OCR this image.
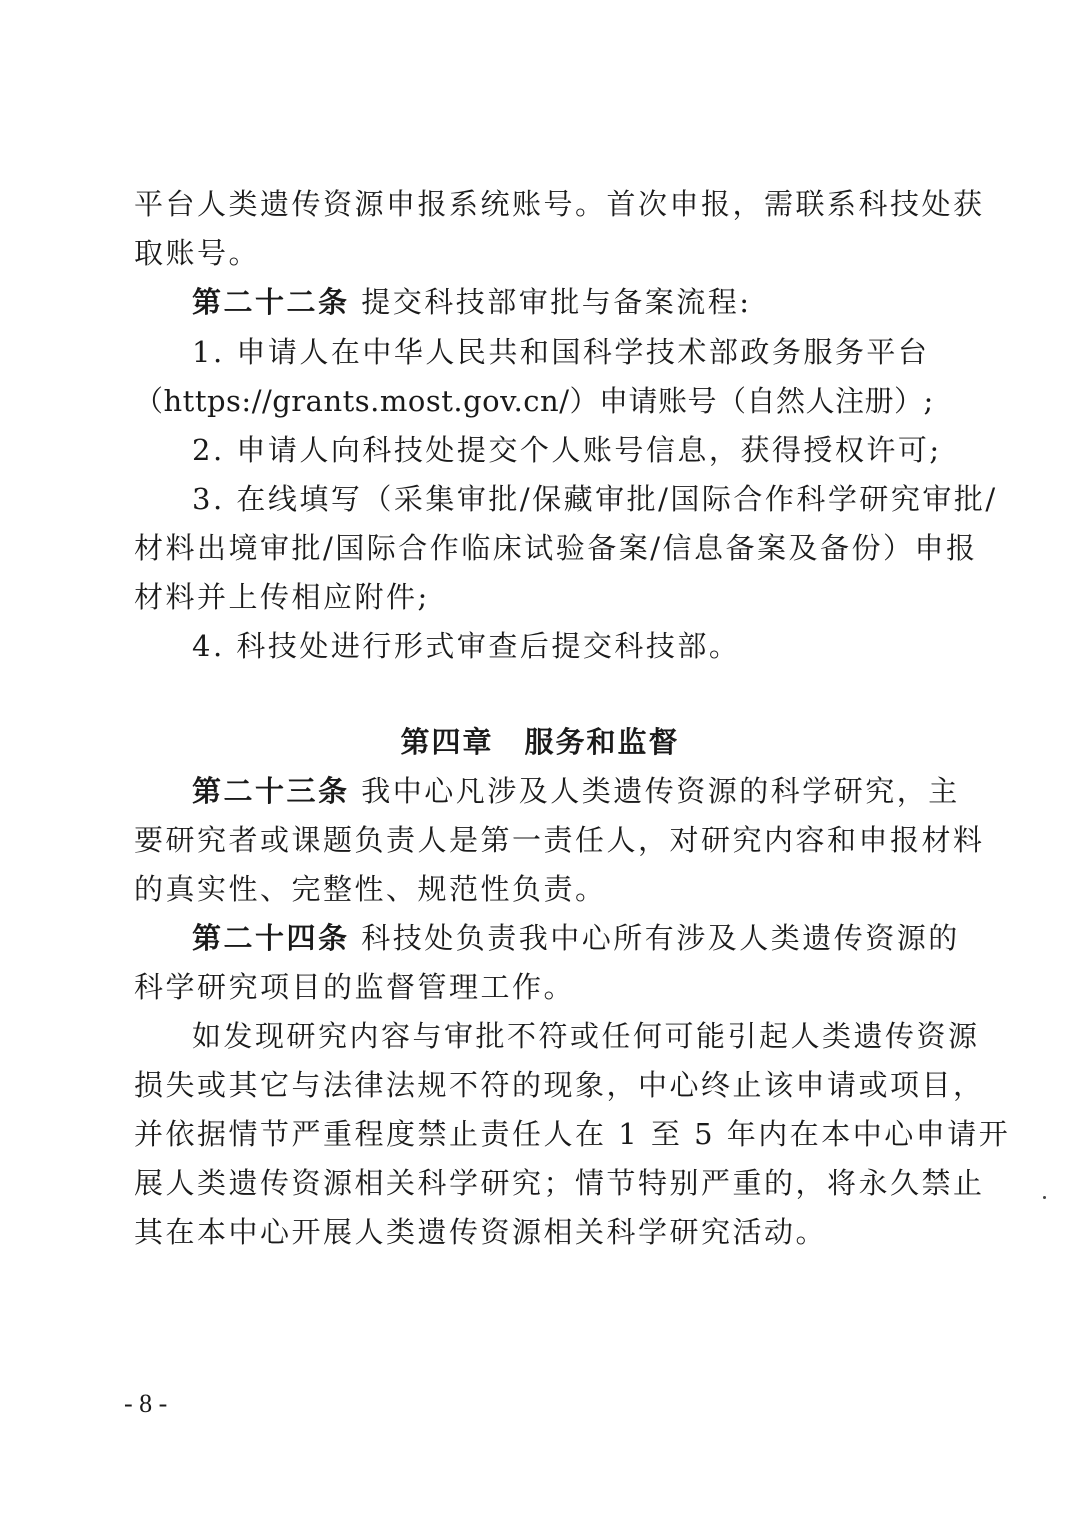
平台人类遗传资源申报系统账号。首次申报，需联系科技处获
取账号。
第二十二条 提交科技部审批与备案流程:
1. 申请人在中华人民共和国科学技术部政务服务平台
（https://grants.most.gov.cn/）申请账号（自然人注册）;
2. 申请人向科技处提交个人账号信息，获得授权许可;
3. 在线填写（采集审批/保藏审批/国际合作科学研究审批/
材料出境审批/国际合作临床试验备案/信息备案及备份）申报
材料并上传相应附件;
4. 科技处进行形式审查后提交科技部。
第四章　服务和监督
第二十三条 我中心凡涉及人类遗传资源的科学研究，主
要研究者或课题负责人是第一责任人，对研究内容和申报材料
的真实性、完整性、规范性负责。
第二十四条 科技处负责我中心所有涉及人类遗传资源的
科学研究项目的监督管理工作。
如发现研究内容与审批不符或任何可能引起人类遗传资源
损失或其它与法律法规不符的现象，中心终止该申请或项目，
并依据情节严重程度禁止责任人在 1 至 5 年内在本中心申请开
展人类遗传资源相关科学研究；情节特别严重的，将永久禁止
其在本中心开展人类遗传资源相关科学研究活动。
- 8 -
